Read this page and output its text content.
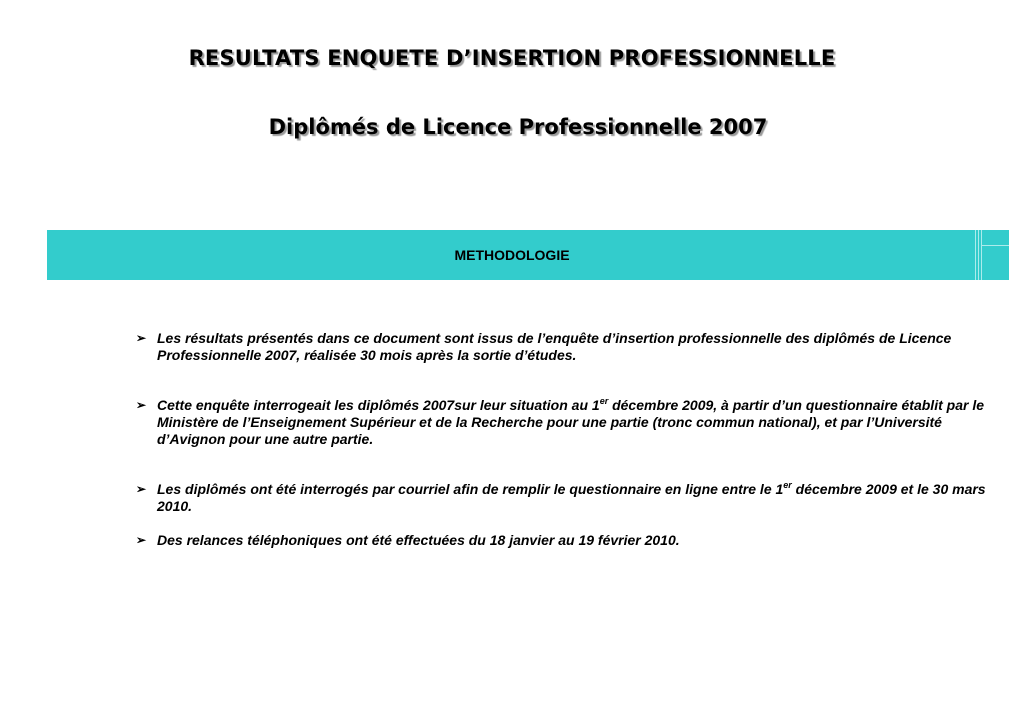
RESULTATS ENQUETE D’INSERTION PROFESSIONNELLE
Diplômés de Licence Professionnelle 2007
METHODOLOGIE
➢ Les résultats présentés dans ce document sont issus de l’enquête d’insertion professionnelle des diplômés de Licence Professionnelle 2007, réalisée 30 mois après la sortie d’études.
➢ Cette enquête interrogeait les diplômés 2007sur leur situation au 1er décembre 2009, à partir d’un questionnaire établit par le Ministère de l’Enseignement Supérieur et de la Recherche pour une partie (tronc commun national), et par l’Université d’Avignon pour une autre partie.
➢ Les diplômés ont été interrogés par courriel afin de remplir le questionnaire en ligne entre le 1er décembre 2009 et le 30 mars 2010.
➢ Des relances téléphoniques ont été effectuées du 18 janvier au 19 février 2010.
